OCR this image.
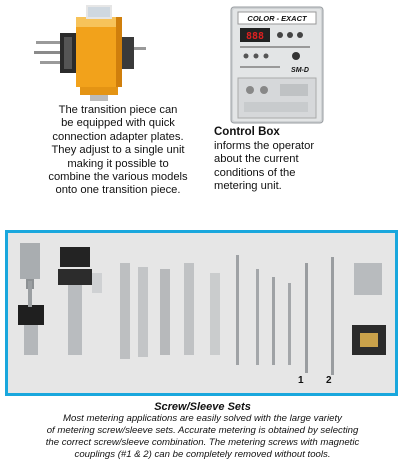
The transition piece can
be equipped with quick
connection adapter plates.
They adjust to a single unit
making it possible to
combine the various models
onto one transition piece.
COLOR - EXACT
888
SM-D
Control Box
informs the operator
about the current
conditions of the
metering unit.
1 2
Screw/Sleeve Sets
Most metering applications are easily solved with the large variety
of metering screw/sleeve sets. Accurate metering is obtained by selecting
the correct screw/sleeve combination. The metering screws with magnetic
couplings (#1 & 2) can be completely removed without tools.
